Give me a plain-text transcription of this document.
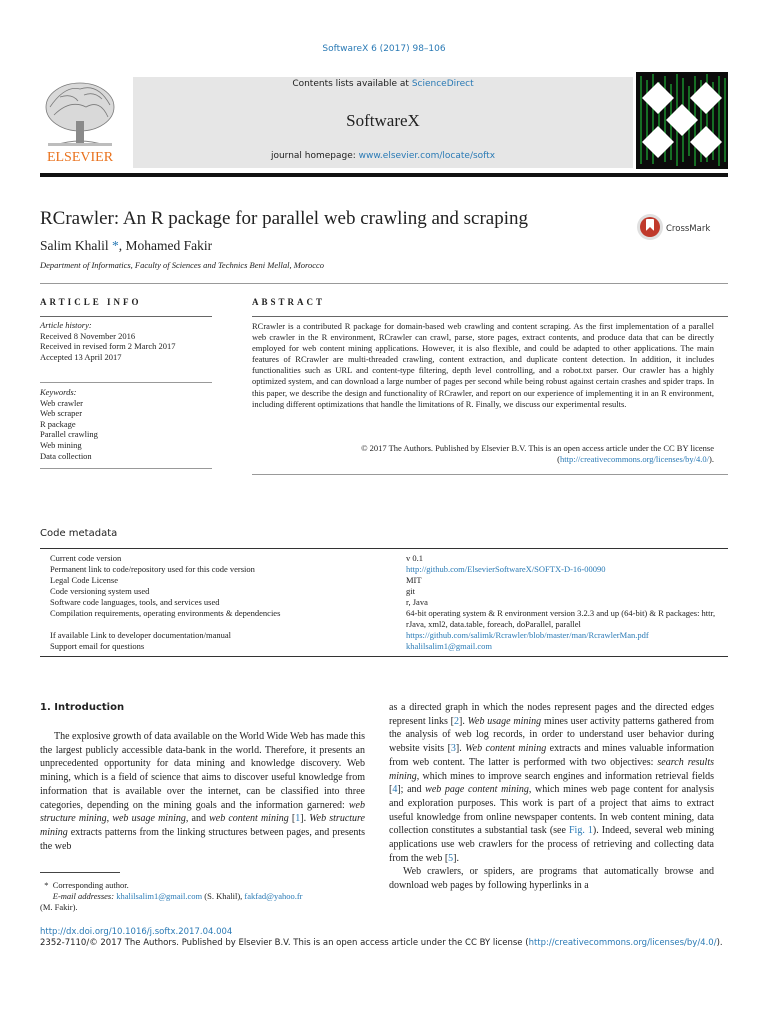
SoftwareX 6 (2017) 98–106
Contents lists available at ScienceDirect
SoftwareX
journal homepage: www.elsevier.com/locate/softx
ELSEVIER
RCrawler: An R package for parallel web crawling and scraping
Salim Khalil *, Mohamed Fakir
Department of Informatics, Faculty of Sciences and Technics Beni Mellal, Morocco
CrossMark
ARTICLE INFO
Article history:
Received 8 November 2016
Received in revised form 2 March 2017
Accepted 13 April 2017
Keywords:
Web crawler
Web scraper
R package
Parallel crawling
Web mining
Data collection
ABSTRACT
RCrawler is a contributed R package for domain-based web crawling and content scraping. As the first implementation of a parallel web crawler in the R environment, RCrawler can crawl, parse, store pages, extract contents, and produce data that can be directly employed for web content mining applications. However, it is also flexible, and could be adapted to other applications. The main features of RCrawler are multi-threaded crawling, content extraction, and duplicate content detection. In addition, it includes functionalities such as URL and content-type filtering, depth level controlling, and a robot.txt parser. Our crawler has a highly optimized system, and can download a large number of pages per second while being robust against certain crashes and spider traps. In this paper, we describe the design and functionality of RCrawler, and report on our experience of implementing it in an R environment, including different optimizations that handle the limitations of R. Finally, we discuss our experimental results.
© 2017 The Authors. Published by Elsevier B.V. This is an open access article under the CC BY license
(http://creativecommons.org/licenses/by/4.0/).
Code metadata
Current code version	v 0.1
Permanent link to code/repository used for this code version	http://github.com/ElsevierSoftwareX/SOFTX-D-16-00090
Legal Code License	MIT
Code versioning system used	git
Software code languages, tools, and services used	r, Java
Compilation requirements, operating environments & dependencies	64-bit operating system & R environment version 3.2.3 and up (64-bit) & R packages: httr, rJava, xml2, data.table, foreach, doParallel, parallel
If available Link to developer documentation/manual	https://github.com/salimk/Rcrawler/blob/master/man/RcrawlerMan.pdf
Support email for questions	khalilsalim1@gmail.com
1. Introduction

The explosive growth of data available on the World Wide Web has made this the largest publicly accessible data-bank in the world. Therefore, it presents an unprecedented opportunity for data mining and knowledge discovery. Web mining, which is a field of science that aims to discover useful knowledge from information that is available over the internet, can be classified into three categories, depending on the mining goals and the information garnered: web structure mining, web usage mining, and web content mining [1]. Web structure mining extracts patterns from the linking structures between pages, and presents the web

as a directed graph in which the nodes represent pages and the directed edges represent links [2]. Web usage mining mines user activity patterns gathered from the analysis of web log records, in order to understand user behavior during website visits [3]. Web content mining extracts and mines valuable information from web content. The latter is performed with two objectives: search results mining, which mines to improve search engines and information retrieval fields [4]; and web page content mining, which mines web page content for analysis and exploration purposes. This work is part of a project that aims to extract useful knowledge from online newspaper contents. In web content mining, data collection constitutes a substantial task (see Fig. 1). Indeed, several web mining applications use web crawlers for the process of retrieving and collecting data from the web [5].

Web crawlers, or spiders, are programs that automatically browse and download web pages by following hyperlinks in a

* Corresponding author.
E-mail addresses: khalilsalim1@gmail.com (S. Khalil), fakfad@yahoo.fr
(M. Fakir).
http://dx.doi.org/10.1016/j.softx.2017.04.004
2352-7110/© 2017 The Authors. Published by Elsevier B.V. This is an open access article under the CC BY license (http://creativecommons.org/licenses/by/4.0/).
